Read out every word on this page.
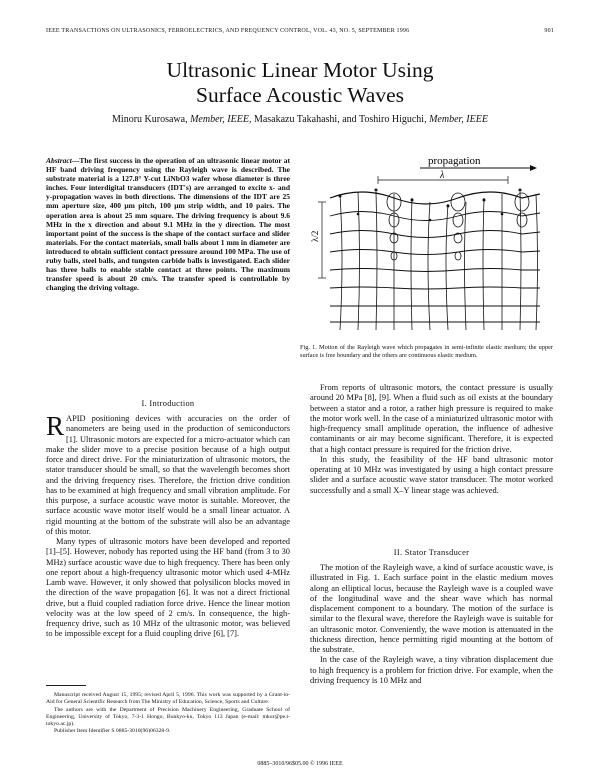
IEEE TRANSACTIONS ON ULTRASONICS, FERROELECTRICS, AND FREQUENCY CONTROL, VOL. 43, NO. 5, SEPTEMBER 1996	901
Ultrasonic Linear Motor Using
Surface Acoustic Waves
Minoru Kurosawa, Member, IEEE, Masakazu Takahashi, and Toshiro Higuchi, Member, IEEE
Abstract—The first success in the operation of an ultrasonic linear motor at HF band driving frequency using the Rayleigh wave is described. The substrate material is a 127.8° Y-cut LiNbO3 wafer whose diameter is three inches. Four interdigital transducers (IDT's) are arranged to excite x- and y-propagation waves in both directions. The dimensions of the IDT are 25 mm aperture size, 400 μm pitch, 100 μm strip width, and 10 pairs. The operation area is about 25 mm square. The driving frequency is about 9.6 MHz in the x direction and about 9.1 MHz in the y direction. The most important point of the success is the shape of the contact surface and slider materials. For the contact materials, small balls about 1 mm in diameter are introduced to obtain sufficient contact pressure around 100 MPa. The use of ruby balls, steel balls, and tungsten carbide balls is investigated. Each slider has three balls to enable stable contact at three points. The maximum transfer speed is about 20 cm/s. The transfer speed is controllable by changing the driving voltage.
I. Introduction

RAPID positioning devices with accuracies on the order of nanometers are being used in the production of semiconductors [1]. Ultrasonic motors are expected for a micro-actuator which can make the slider move to a precise position because of a high output force and direct drive. For the miniaturization of ultrasonic motors, the stator transducer should be small, so that the wavelength becomes short and the driving frequency rises. Therefore, the friction drive condition has to be examined at high frequency and small vibration amplitude. For this purpose, a surface acoustic wave motor is suitable. Moreover, the surface acoustic wave motor itself would be a small linear actuator. A rigid mounting at the bottom of the substrate will also be an advantage of this motor.

Many types of ultrasonic motors have been developed and reported [1]–[5]. However, nobody has reported using the HF band (from 3 to 30 MHz) surface acoustic wave due to high frequency. There has been only one report about a high-frequency ultrasonic motor which used 4-MHz Lamb wave. However, it only showed that polysilicon blocks moved in the direction of the wave propagation [6]. It was not a direct frictional drive, but a fluid coupled radiation force drive. Hence the linear motion velocity was at the low speed of 2 cm/s. In consequence, the high-frequency drive, such as 10 MHz of the ultrasonic motor, was believed to be impossible except for a fluid coupling drive [6], [7].

Manuscript received August 15, 1995; revised April 5, 1996. This work was supported by a Grant-in-Aid for General Scientific Research from The Ministry of Education, Science, Sports and Culture.

The authors are with the Department of Precision Machinery Engineering, Graduate School of Engineering, University of Tokyo, 7-3-1 Hongo, Bunkyo-ku, Tokyo 113 Japan (e-mail: mkur@pe.t-tokyo.ac.jp).

Publisher Item Identifier S 0885-3010(96)06328-9.

propagation
λ
λ/2
Fig. 1. Motion of the Rayleigh wave which propagates in semi-infinite elastic medium; the upper surface is free boundary and the others are continuous elastic medium.

From reports of ultrasonic motors, the contact pressure is usually around 20 MPa [8], [9]. When a fluid such as oil exists at the boundary between a stator and a rotor, a rather high pressure is required to make the motor work well. In the case of a miniaturized ultrasonic motor with high-frequency small amplitude operation, the influence of adhesive contaminants or air may become significant. Therefore, it is expected that a high contact pressure is required for the friction drive.

In this study, the feasibility of the HF band ultrasonic motor operating at 10 MHz was investigated by using a high contact pressure slider and a surface acoustic wave stator transducer. The motor worked successfully and a small X–Y linear stage was achieved.

II. Stator Transducer

The motion of the Rayleigh wave, a kind of surface acoustic wave, is illustrated in Fig. 1. Each surface point in the elastic medium moves along an elliptical locus, because the Rayleigh wave is a coupled wave of the longitudinal wave and the shear wave which has normal displacement component to a boundary. The motion of the surface is similar to the flexural wave, therefore the Rayleigh wave is suitable for an ultrasonic motor. Conveniently, the wave motion is attenuated in the thickness direction, hence permitting rigid mounting at the bottom of the substrate.

In the case of the Rayleigh wave, a tiny vibration displacement due to high frequency is a problem for friction drive. For example, when the driving frequency is 10 MHz and

0885–3010/96$05.00 © 1996 IEEE
